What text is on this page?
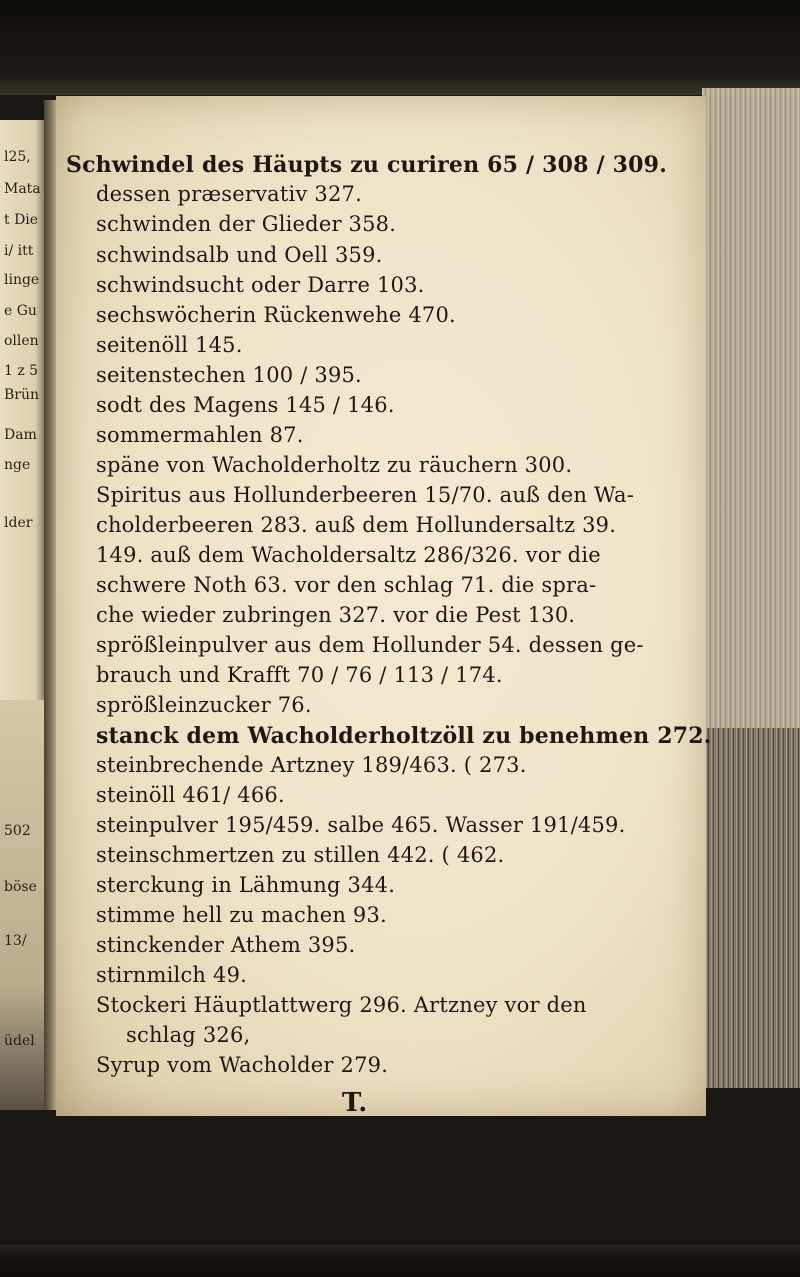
l25,
Mata
t Die
i/ itt
linge
e Gu
ollen
1 z 5
Brün
Dam
nge
lder
502
böse
13/
üdel
Schwindel des Häupts zu curiren 65 / 308 / 309.
dessen præservativ 327.
schwinden der Glieder 358.
schwindsalb und Oell 359.
schwindsucht oder Darre 103.
sechswöcherin Rückenwehe 470.
seitenöll 145.
seitenstechen 100 / 395.
sodt des Magens 145 / 146.
sommermahlen 87.
späne von Wacholderholtz zu räuchern 300.
Spiritus aus Hollunderbeeren 15/70. auß den Wa-
cholderbeeren 283. auß dem Hollundersaltz 39.
149. auß dem Wacholdersaltz 286/326. vor die
schwere Noth 63. vor den schlag 71. die spra-
che wieder zubringen 327. vor die Pest 130.
sprößleinpulver aus dem Hollunder 54. dessen ge-
brauch und Krafft 70 / 76 / 113 / 174.
sprößleinzucker 76.
stanck dem Wacholderholtzöll zu benehmen 272.
steinbrechende Artzney 189/463. ( 273.
steinöll 461/ 466.
steinpulver 195/459. salbe 465. Wasser 191/459.
steinschmertzen zu stillen 442. ( 462.
sterckung in Lähmung 344.
stimme hell zu machen 93.
stinckender Athem 395.
stirnmilch 49.
Stockeri Häuptlattwerg 296. Artzney vor den
schlag 326,
Syrup vom Wacholder 279.
T.
Taubigkeit von Büchsenschiessen 384.
Tinctur des Hollunders u. von Wacholderbeeren
287. vom Zucker 309. Trisenethpulver aus dem
N u ß Hollun-
